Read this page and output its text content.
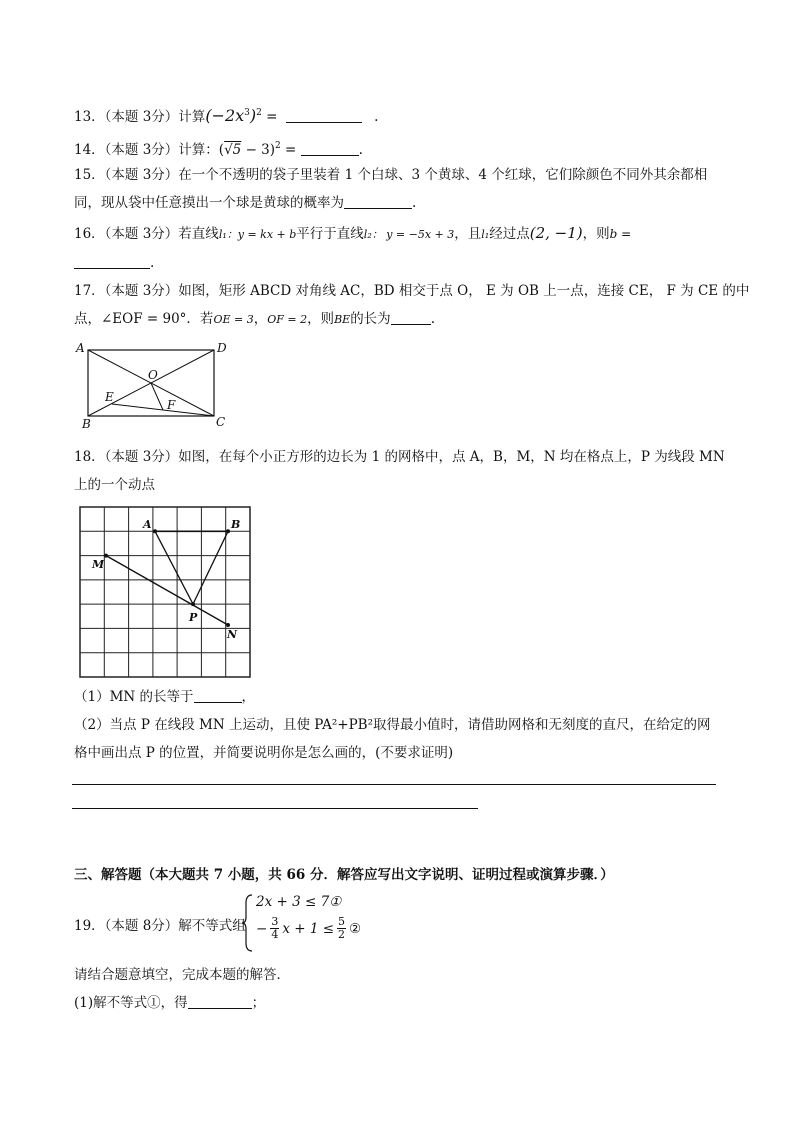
13．（本题 3分）计算$(-2x^3)^2$ =	.
14．（本题 3分）计算：$(√5 - 3)^2$ =	.
15．（本题 3分）在一个不透明的袋子里装着 1 个白球、3 个黄球、4 个红球，它们除颜色不同外其余都相
同，现从袋中任意摸出一个球是黄球的概率为	.
16．（本题 3分）若直线l₁：y = kx + b平行于直线l₂： y = −5x + 3，且l₁经过点(2, −1)，则b =
.
17．（本题 3分）如图，矩形 ABCD 对角线 AC，BD 相交于点 O， E 为 OB 上一点，连接 CE， F 为 CE 的中
点，∠EOF = 90°．若OE = 3，OF = 2，则BE的长为	.
A	D
O
E
F
B	C
18．（本题 3分）如图，在每个小正方形的边长为 1 的网格中，点 A，B，M，N 均在格点上，P 为线段 MN
上的一个动点
A	B
M
P
N
（1）MN 的长等于	，
（2）当点 P 在线段 MN 上运动，且使 PA²+PB²取得最小值时，请借助网格和无刻度的直尺，在给定的网
格中画出点 P 的位置，并简要说明你是怎么画的，(不要求证明)
三、解答题（本大题共 7 小题，共 66 分．解答应写出文字说明、证明过程或演算步骤．）
19．（本题 8分）解不等式组
2x + 3 ≤ 7①
− $\frac{3}{4}$ $x + 1 \le \frac{5}{2}$ ②
请结合题意填空，完成本题的解答．
(1)解不等式①，得	；
